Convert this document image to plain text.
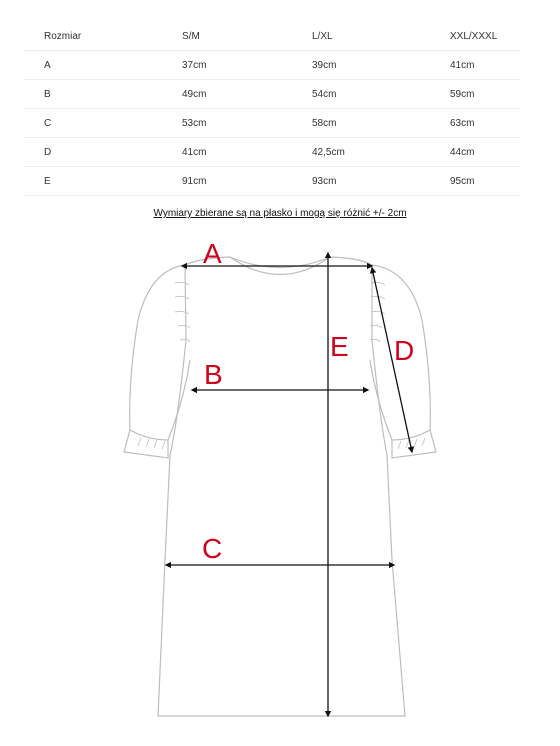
Rozmiar	S/M	L/XL	XXL/XXXL
A	37cm	39cm	41cm
B	49cm	54cm	59cm
C	53cm	58cm	63cm
D	41cm	42,5cm	44cm
E	91cm	93cm	95cm
Wymiary zbierane są na płasko i mogą się różnić +/- 2cm
A
B
C
D
E
